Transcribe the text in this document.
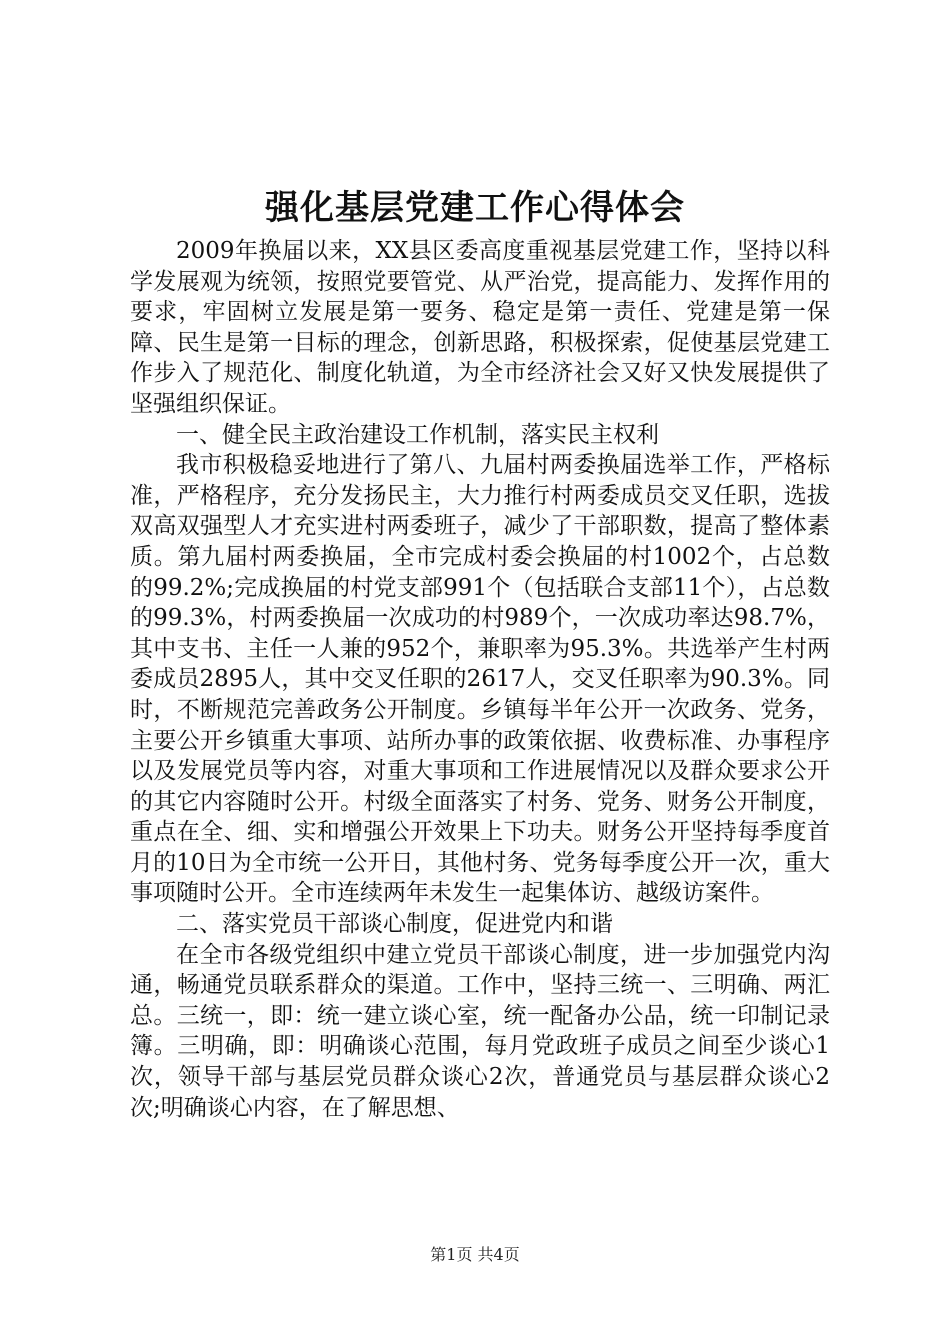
强化基层党建工作心得体会

2009年换届以来，XX县区委高度重视基层党建工作，坚持以科学发展观为统领，按照党要管党、从严治党，提高能力、发挥作用的要求，牢固树立发展是第一要务、稳定是第一责任、党建是第一保障、民生是第一目标的理念，创新思路，积极探索，促使基层党建工作步入了规范化、制度化轨道，为全市经济社会又好又快发展提供了坚强组织保证。

一、健全民主政治建设工作机制，落实民主权利

我市积极稳妥地进行了第八、九届村两委换届选举工作，严格标准，严格程序，充分发扬民主，大力推行村两委成员交叉任职，选拔双高双强型人才充实进村两委班子，减少了干部职数，提高了整体素质。第九届村两委换届，全市完成村委会换届的村1002个，占总数的99.2%;完成换届的村党支部991个（包括联合支部11个），占总数的99.3%，村两委换届一次成功的村989个，一次成功率达98.7%，其中支书、主任一人兼的952个，兼职率为95.3%。共选举产生村两委成员2895人，其中交叉任职的2617人，交叉任职率为90.3%。同时，不断规范完善政务公开制度。乡镇每半年公开一次政务、党务，主要公开乡镇重大事项、站所办事的政策依据、收费标准、办事程序以及发展党员等内容，对重大事项和工作进展情况以及群众要求公开的其它内容随时公开。村级全面落实了村务、党务、财务公开制度，重点在全、细、实和增强公开效果上下功夫。财务公开坚持每季度首月的10日为全市统一公开日，其他村务、党务每季度公开一次，重大事项随时公开。全市连续两年未发生一起集体访、越级访案件。

二、落实党员干部谈心制度，促进党内和谐

在全市各级党组织中建立党员干部谈心制度，进一步加强党内沟通，畅通党员联系群众的渠道。工作中，坚持三统一、三明确、两汇总。三统一，即：统一建立谈心室，统一配备办公品，统一印制记录簿。三明确，即：明确谈心范围，每月党政班子成员之间至少谈心1次，领导干部与基层党员群众谈心2次，普通党员与基层群众谈心2次;明确谈心内容，在了解思想、

第1页 共4页
